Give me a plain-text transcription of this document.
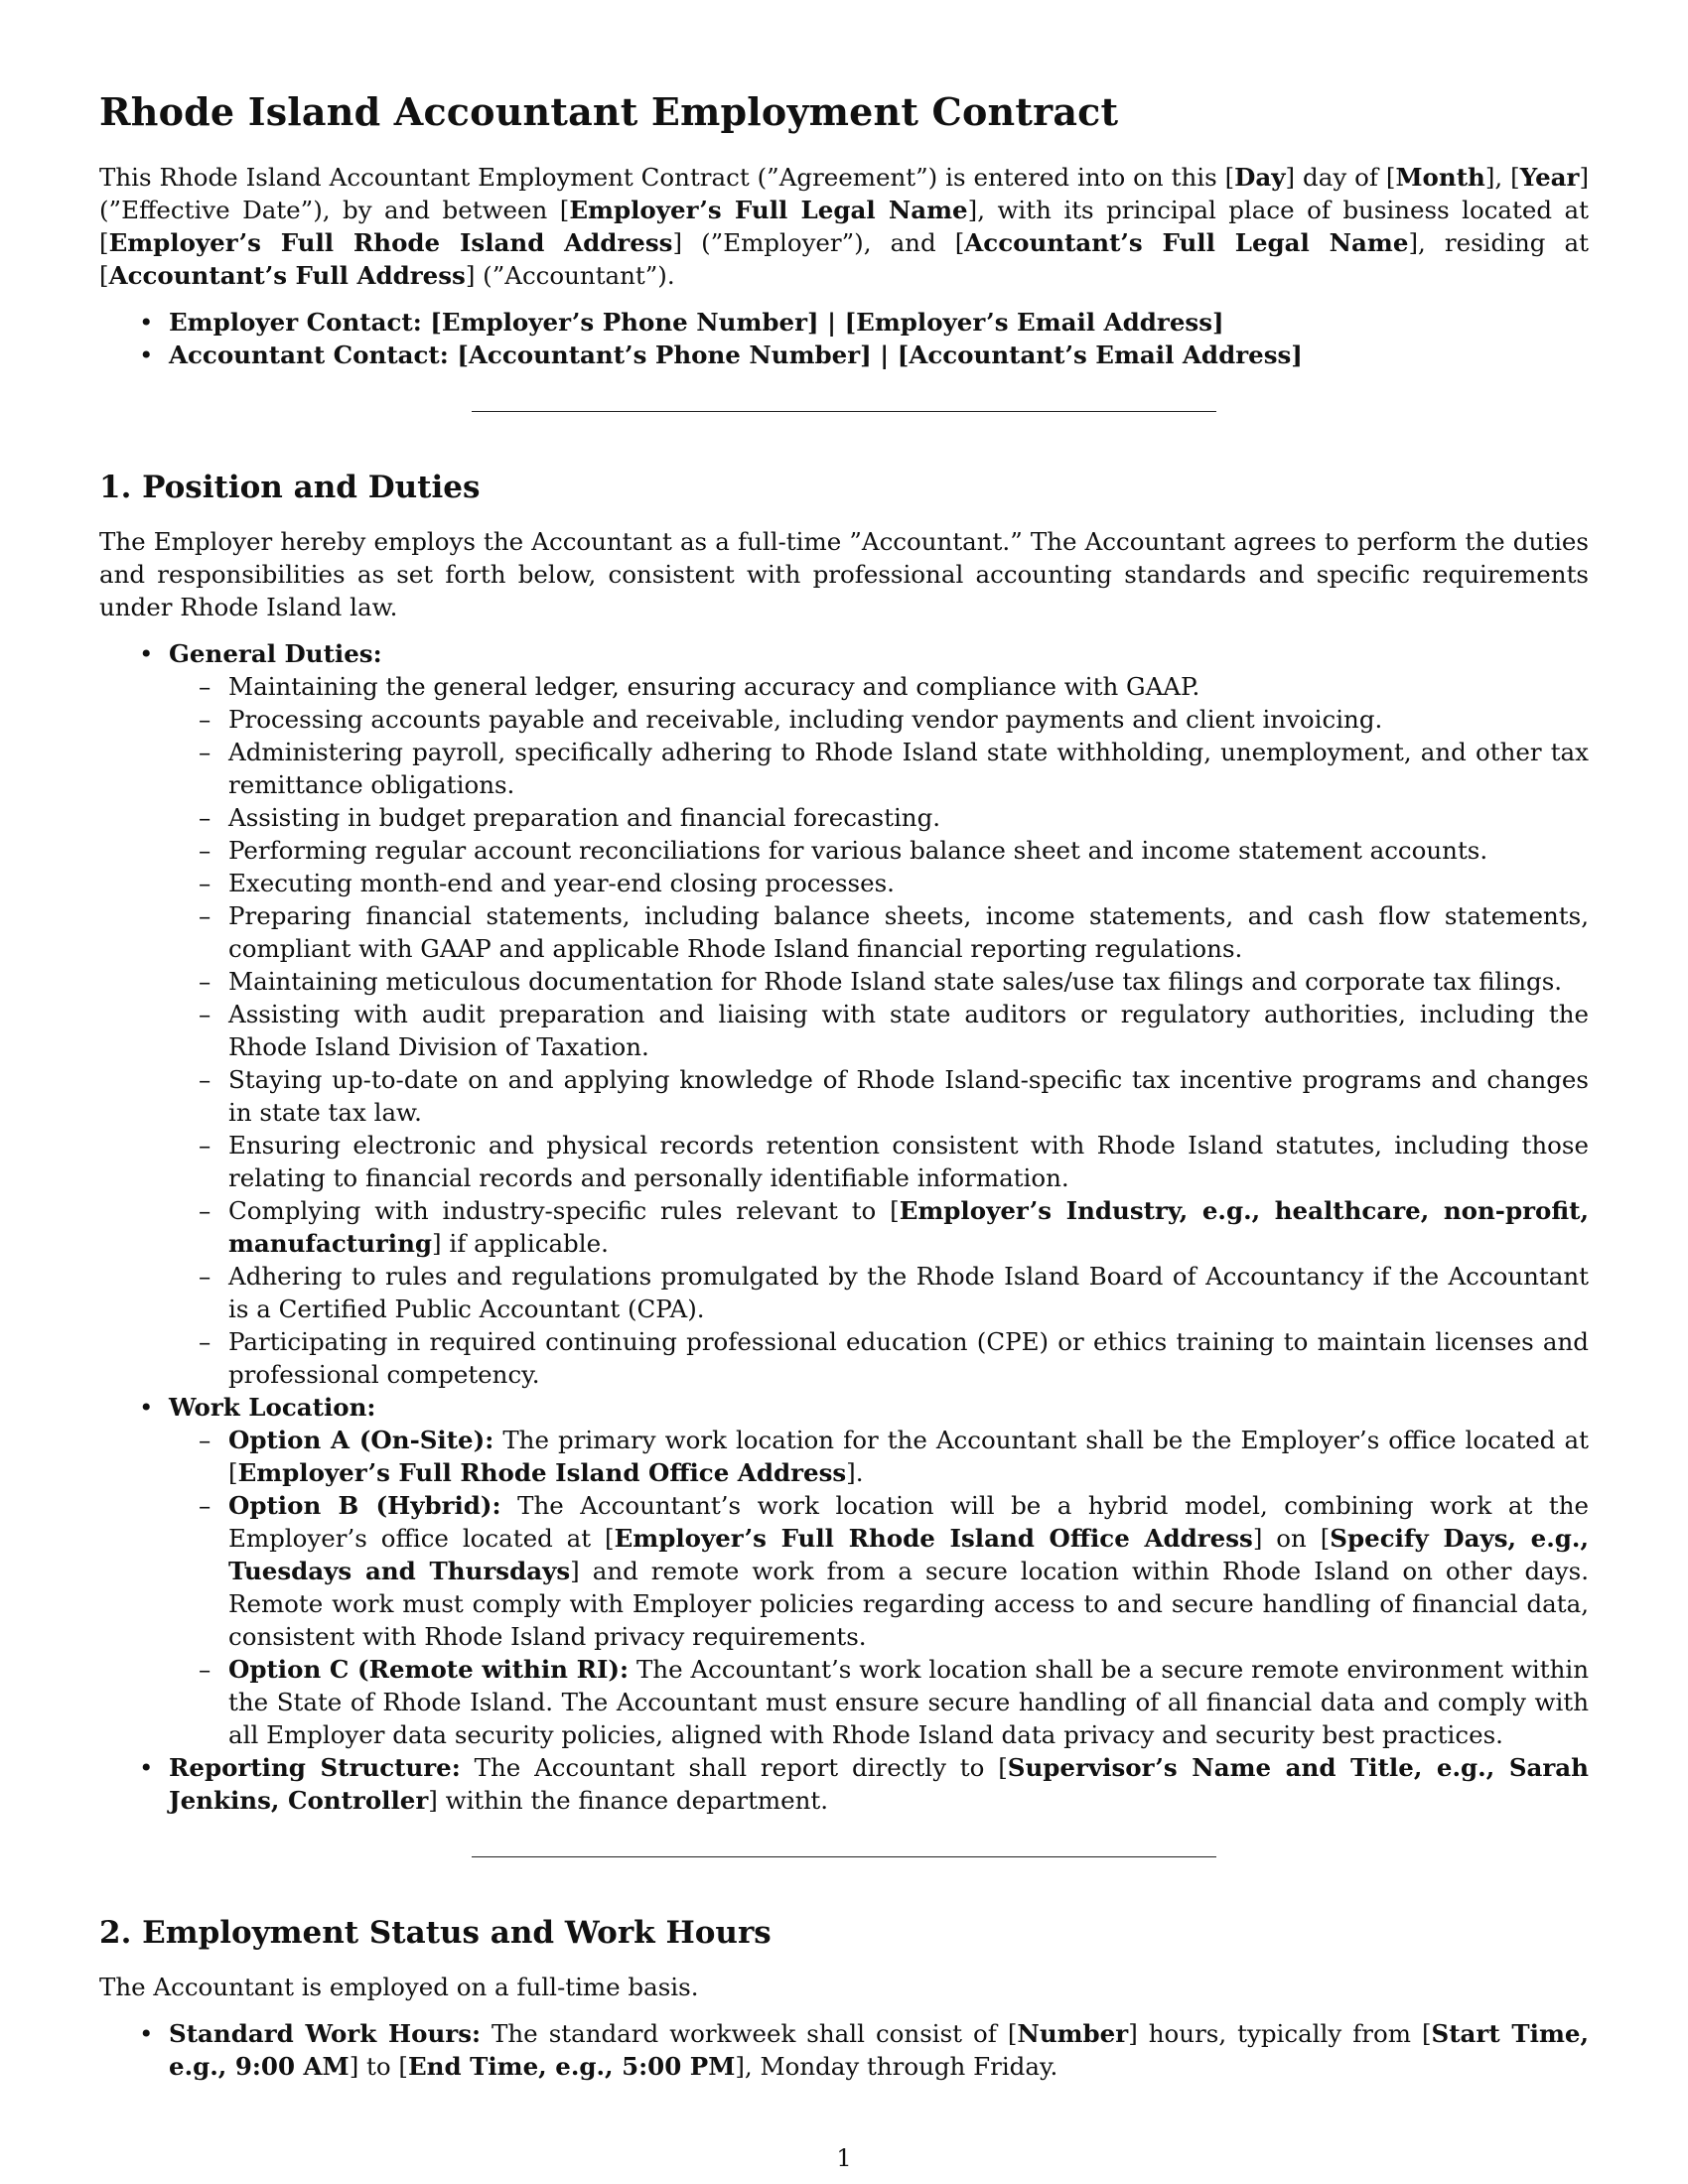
Rhode Island Accountant Employment Contract

This Rhode Island Accountant Employment Contract (”Agreement”) is entered into on this [Day] day of [Month], [Year] (”Effective Date”), by and between [Employer’s Full Legal Name], with its principal place of business located at [Employer’s Full Rhode Island Address] (”Employer”), and [Accountant’s Full Legal Name], residing at [Accountant’s Full Address] (”Accountant”).

• Employer Contact: [Employer’s Phone Number] | [Employer’s Email Address]
• Accountant Contact: [Accountant’s Phone Number] | [Accountant’s Email Address]
1. Position and Duties

The Employer hereby employs the Accountant as a full-time ”Accountant.” The Accountant agrees to perform the duties and responsibilities as set forth below, consistent with professional accounting standards and specific requirements under Rhode Island law.

• General Duties:
– Maintaining the general ledger, ensuring accuracy and compliance with GAAP.
– Processing accounts payable and receivable, including vendor payments and client invoicing.
– Administering payroll, specifically adhering to Rhode Island state withholding, unemployment, and other tax remittance obligations.
– Assisting in budget preparation and financial forecasting.
– Performing regular account reconciliations for various balance sheet and income statement accounts.
– Executing month-end and year-end closing processes.
– Preparing financial statements, including balance sheets, income statements, and cash flow statements, compliant with GAAP and applicable Rhode Island financial reporting regulations.
– Maintaining meticulous documentation for Rhode Island state sales/use tax filings and corporate tax filings.
– Assisting with audit preparation and liaising with state auditors or regulatory authorities, including the Rhode Island Division of Taxation.
– Staying up-to-date on and applying knowledge of Rhode Island-specific tax incentive programs and changes in state tax law.
– Ensuring electronic and physical records retention consistent with Rhode Island statutes, including those relating to financial records and personally identifiable information.
– Complying with industry-specific rules relevant to [Employer’s Industry, e.g., healthcare, non-profit, manufacturing] if applicable.
– Adhering to rules and regulations promulgated by the Rhode Island Board of Accountancy if the Accountant is a Certified Public Accountant (CPA).
– Participating in required continuing professional education (CPE) or ethics training to maintain licenses and professional competency.
• Work Location:
– Option A (On-Site): The primary work location for the Accountant shall be the Employer’s office located at [Employer’s Full Rhode Island Office Address].
– Option B (Hybrid): The Accountant’s work location will be a hybrid model, combining work at the Employer’s office located at [Employer’s Full Rhode Island Office Address] on [Specify Days, e.g., Tuesdays and Thursdays] and remote work from a secure location within Rhode Island on other days. Remote work must comply with Employer policies regarding access to and secure handling of financial data, consistent with Rhode Island privacy requirements.
– Option C (Remote within RI): The Accountant’s work location shall be a secure remote environment within the State of Rhode Island. The Accountant must ensure secure handling of all financial data and comply with all Employer data security policies, aligned with Rhode Island data privacy and security best practices.
• Reporting Structure: The Accountant shall report directly to [Supervisor’s Name and Title, e.g., Sarah Jenkins, Controller] within the finance department.
2. Employment Status and Work Hours

The Accountant is employed on a full-time basis.

• Standard Work Hours: The standard workweek shall consist of [Number] hours, typically from [Start Time, e.g., 9:00 AM] to [End Time, e.g., 5:00 PM], Monday through Friday.
1
